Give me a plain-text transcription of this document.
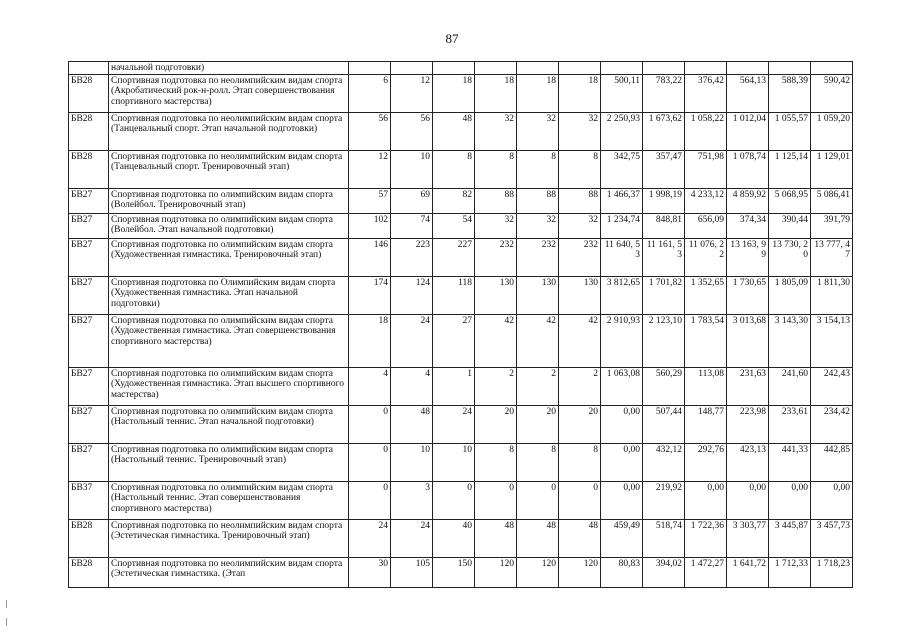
87
	начальной подготовки)												
БВ28	Спортивная подготовка по неолимпийским видам спорта (Акробатический рок-н-ролл. Этап совершенствования спортивного мастерства)	6	12	18	18	18	18	500,11	783,22	376,42	564,13	588,39	590,42
БВ28	Спортивная подготовка по неолимпийским видам спорта (Танцевальный спорт. Этап начальной подготовки)	56	56	48	32	32	32	2 250,93	1 673,62	1 058,22	1 012,04	1 055,57	1 059,20
БВ28	Спортивная подготовка по неолимпийским видам спорта (Танцевальный спорт. Тренировочный этап)	12	10	8	8	8	8	342,75	357,47	751,98	1 078,74	1 125,14	1 129,01
БВ27	Спортивная подготовка по олимпийским видам спорта (Волейбол. Тренировочный этап)	57	69	82	88	88	88	1 466,37	1 998,19	4 233,12	4 859,92	5 068,95	5 086,41
БВ27	Спортивная подготовка по олимпийским видам спорта (Волейбол. Этап начальной подготовки)	102	74	54	32	32	32	1 234,74	848,81	656,09	374,34	390,44	391,79
БВ27	Спортивная подготовка по олимпийским видам спорта (Художественная гимнастика. Тренировочный этап)	146	223	227	232	232	232	11 640, 53	11 161, 53	11 076, 22	13 163, 99	13 730, 20	13 777, 47
БВ27	Спортивная подготовка по Олимпийским видам спорта (Художественная гимнастика. Этап начальной подготовки)	174	124	118	130	130	130	3 812,65	1 701,82	1 352,65	1 730,65	1 805,09	1 811,30
БВ27	Спортивная подготовка по олимпийским видам спорта (Художественная гимнастика. Этап совершенствования спортивного мастерства)	18	24	27	42	42	42	2 910,93	2 123,10	1 783,54	3 013,68	3 143,30	3 154,13
БВ27	Спортивная подготовка по олимпийским видам спорта (Художественная гимнастика. Этап высшего спортивного мастерства)	4	4	1	2	2	2	1 063,08	560,29	113,08	231,63	241,60	242,43
БВ27	Спортивная подготовка по олимпийским видам спорта (Настольный теннис. Этап начальной подготовки)	0	48	24	20	20	20	0,00	507,44	148,77	223,98	233,61	234,42
БВ27	Спортивная подготовка по олимпийским видам спорта (Настольный теннис. Тренировочный этап)	0	10	10	8	8	8	0,00	432,12	292,76	423,13	441,33	442,85
БВ37	Спортивная подготовка по олимпийским видам спорта (Настольный теннис. Этап совершенствования спортивного мастерства)	0	3	0	0	0	0	0,00	219,92	0,00	0,00	0,00	0,00
БВ28	Спортивная подготовка по неолимпийским видам спорта (Эстетическая гимнастика. Тренировочный этап)	24	24	40	48	48	48	459,49	518,74	1 722,36	3 303,77	3 445,87	3 457,73
БВ28	Спортивная подготовка по неолимпийским видам спорта (Эстетическая гимнастика. (Этап	30	105	150	120	120	120	80,83	394,02	1 472,27	1 641,72	1 712,33	1 718,23
